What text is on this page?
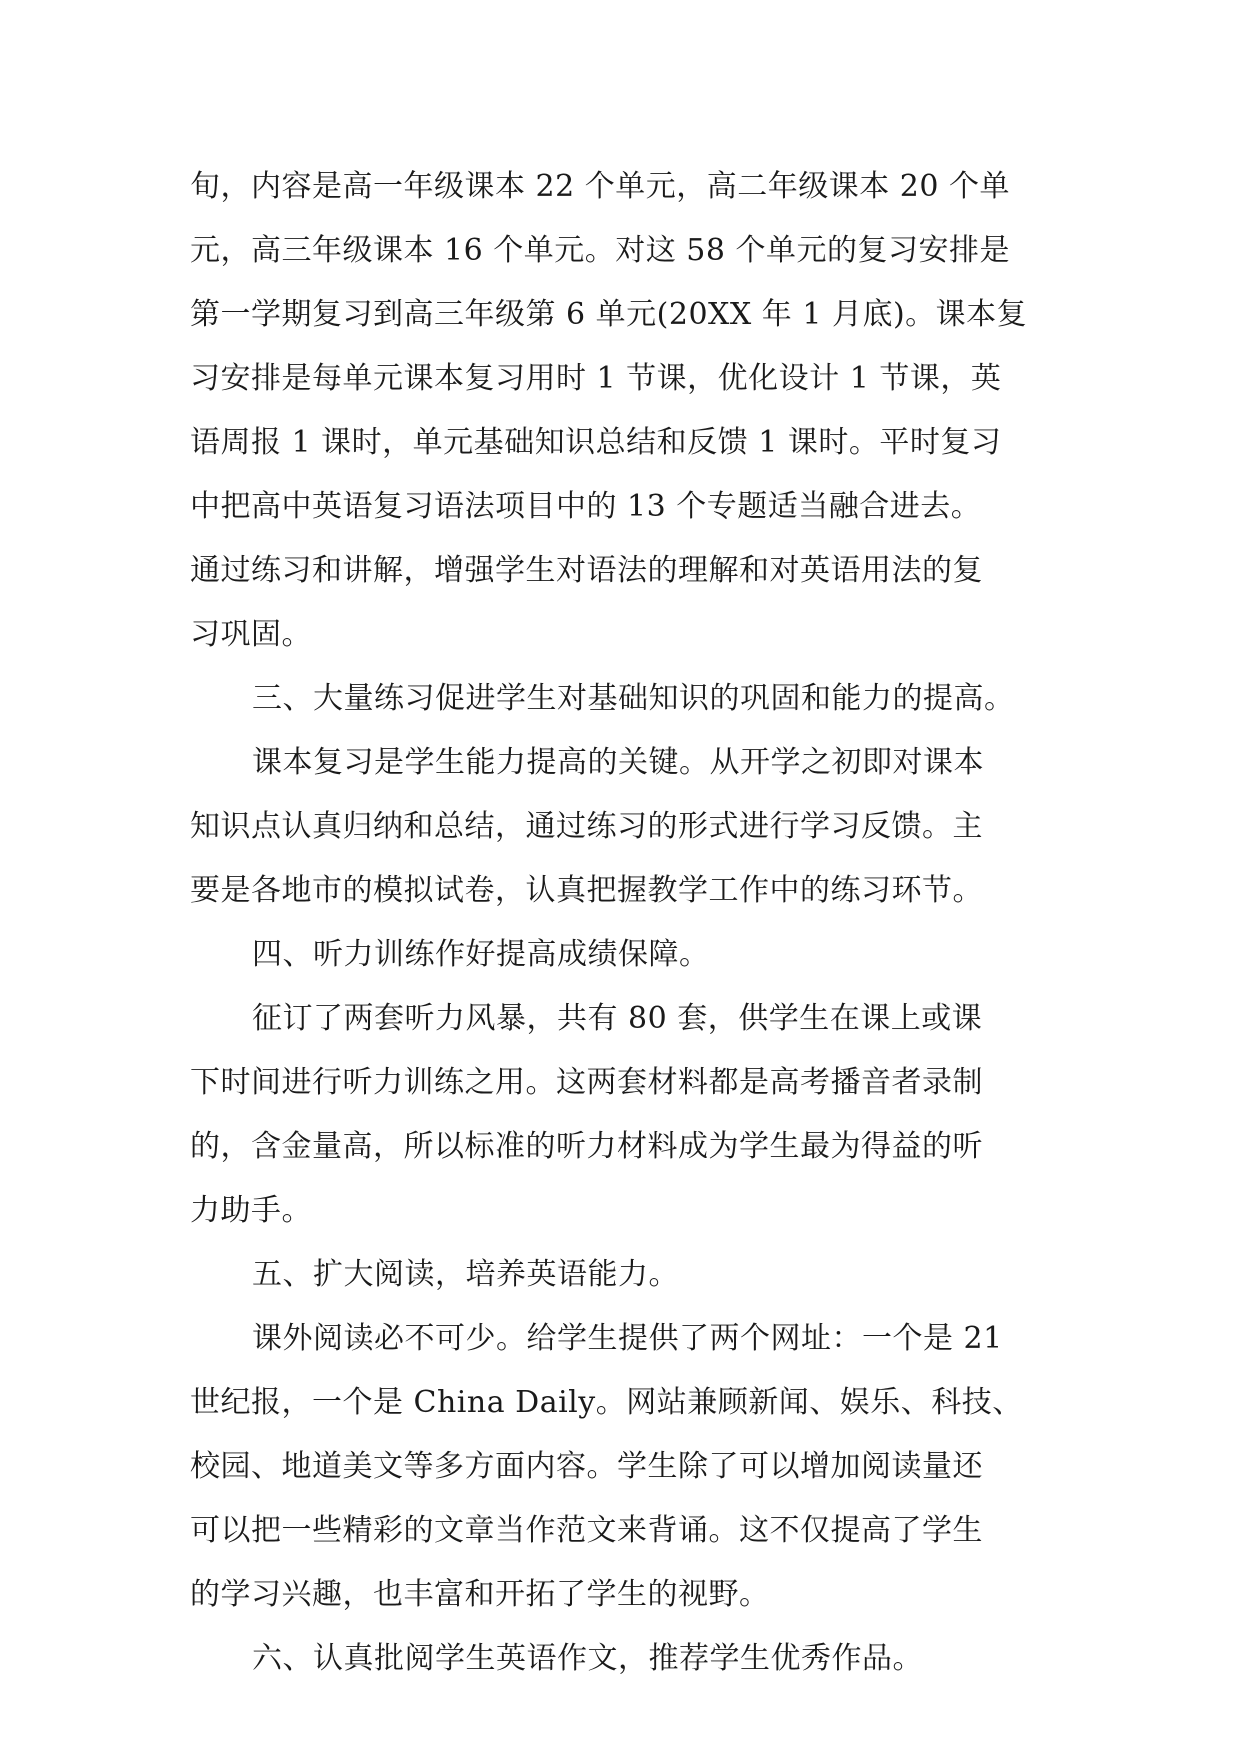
旬，内容是高一年级课本 22 个单元，高二年级课本 20 个单
元，高三年级课本 16 个单元。对这 58 个单元的复习安排是
第一学期复习到高三年级第 6 单元(20XX 年 1 月底)。课本复
习安排是每单元课本复习用时 1 节课，优化设计 1 节课，英
语周报 1 课时，单元基础知识总结和反馈 1 课时。平时复习
中把高中英语复习语法项目中的 13 个专题适当融合进去。
通过练习和讲解，增强学生对语法的理解和对英语用法的复
习巩固。
三、大量练习促进学生对基础知识的巩固和能力的提高。
课本复习是学生能力提高的关键。从开学之初即对课本
知识点认真归纳和总结，通过练习的形式进行学习反馈。主
要是各地市的模拟试卷，认真把握教学工作中的练习环节。
四、听力训练作好提高成绩保障。
征订了两套听力风暴，共有 80 套，供学生在课上或课
下时间进行听力训练之用。这两套材料都是高考播音者录制
的，含金量高，所以标准的听力材料成为学生最为得益的听
力助手。
五、扩大阅读，培养英语能力。
课外阅读必不可少。给学生提供了两个网址：一个是 21
世纪报，一个是 China Daily。网站兼顾新闻、娱乐、科技、
校园、地道美文等多方面内容。学生除了可以增加阅读量还
可以把一些精彩的文章当作范文来背诵。这不仅提高了学生
的学习兴趣，也丰富和开拓了学生的视野。
六、认真批阅学生英语作文，推荐学生优秀作品。
